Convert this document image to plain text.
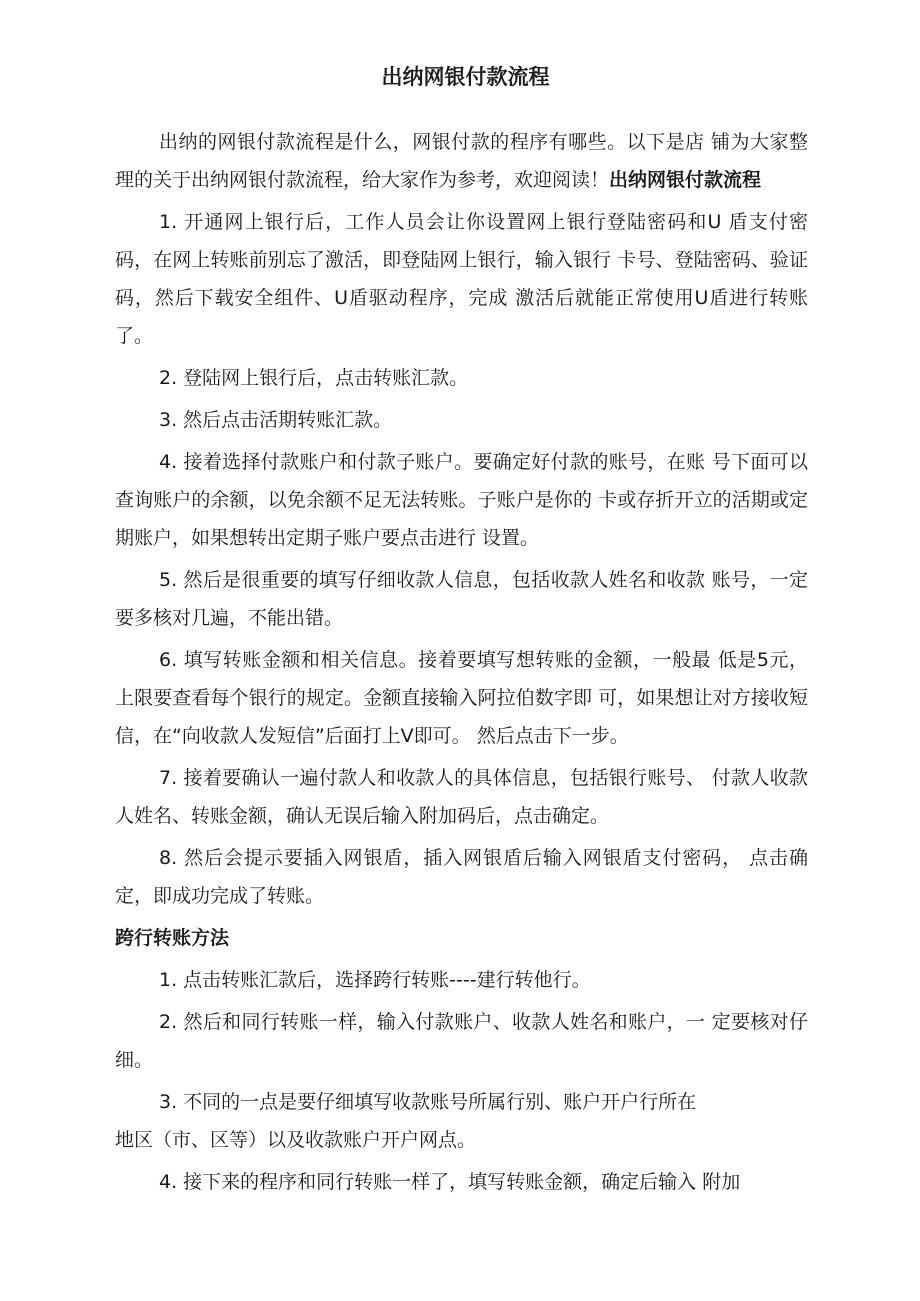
出纳网银付款流程

出纳的网银付款流程是什么，网银付款的程序有哪些。以下是店 铺为大家整理的关于出纳网银付款流程，给大家作为参考，欢迎阅读！出纳网银付款流程

1. 开通网上银行后，工作人员会让你设置网上银行登陆密码和U 盾支付密码，在网上转账前别忘了激活，即登陆网上银行，输入银行 卡号、登陆密码、验证码，然后下载安全组件、U盾驱动程序，完成 激活后就能正常使用U盾进行转账了。

2. 登陆网上银行后，点击转账汇款。

3. 然后点击活期转账汇款。

4. 接着选择付款账户和付款子账户。要确定好付款的账号，在账 号下面可以查询账户的余额，以免余额不足无法转账。子账户是你的 卡或存折开立的活期或定期账户，如果想转出定期子账户要点击进行 设置。

5. 然后是很重要的填写仔细收款人信息，包括收款人姓名和收款 账号，一定要多核对几遍，不能出错。

6. 填写转账金额和相关信息。接着要填写想转账的金额，一般最 低是5元，上限要查看每个银行的规定。金额直接输入阿拉伯数字即 可，如果想让对方接收短信，在“向收款人发短信”后面打上V即可。 然后点击下一步。

7. 接着要确认一遍付款人和收款人的具体信息，包括银行账号、 付款人收款人姓名、转账金额，确认无误后输入附加码后，点击确定。

8. 然后会提示要插入网银盾，插入网银盾后输入网银盾支付密码， 点击确定，即成功完成了转账。

跨行转账方法

1. 点击转账汇款后，选择跨行转账----建行转他行。

2. 然后和同行转账一样，输入付款账户、收款人姓名和账户，一 定要核对仔细。

3. 不同的一点是要仔细填写收款账号所属行别、账户开户行所在
地区（市、区等）以及收款账户开户网点。

4. 接下来的程序和同行转账一样了，填写转账金额，确定后输入 附加
